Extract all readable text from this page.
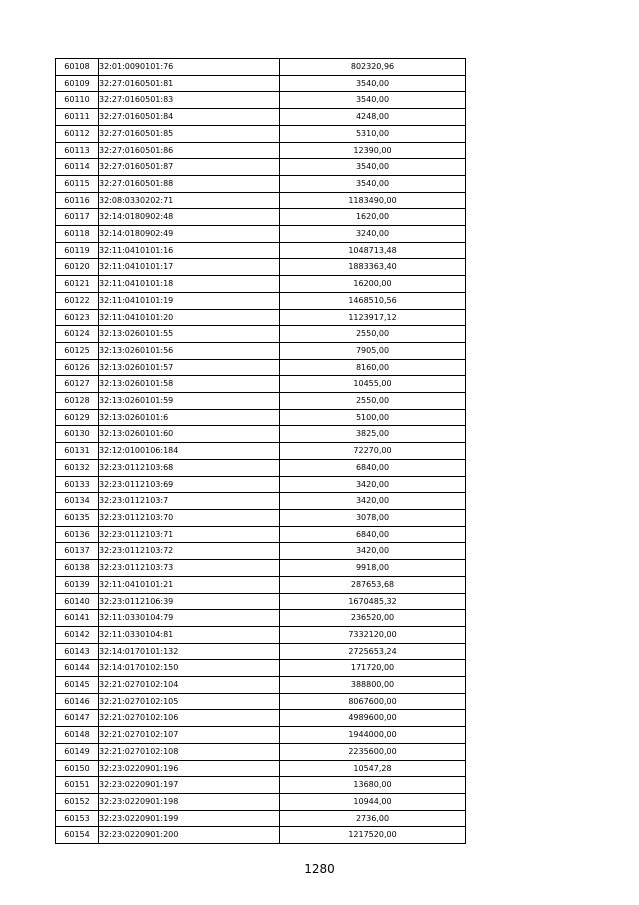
60108	32:01:0090101:76	802320,96
60109	32:27:0160501:81	3540,00
60110	32:27:0160501:83	3540,00
60111	32:27:0160501:84	4248,00
60112	32:27:0160501:85	5310,00
60113	32:27:0160501:86	12390,00
60114	32:27:0160501:87	3540,00
60115	32:27:0160501:88	3540,00
60116	32:08:0330202:71	1183490,00
60117	32:14:0180902:48	1620,00
60118	32:14:0180902:49	3240,00
60119	32:11:0410101:16	1048713,48
60120	32:11:0410101:17	1883363,40
60121	32:11:0410101:18	16200,00
60122	32:11:0410101:19	1468510,56
60123	32:11:0410101:20	1123917,12
60124	32:13:0260101:55	2550,00
60125	32:13:0260101:56	7905,00
60126	32:13:0260101:57	8160,00
60127	32:13:0260101:58	10455,00
60128	32:13:0260101:59	2550,00
60129	32:13:0260101:6	5100,00
60130	32:13:0260101:60	3825,00
60131	32:12:0100106:184	72270,00
60132	32:23:0112103:68	6840,00
60133	32:23:0112103:69	3420,00
60134	32:23:0112103:7	3420,00
60135	32:23:0112103:70	3078,00
60136	32:23:0112103:71	6840,00
60137	32:23:0112103:72	3420,00
60138	32:23:0112103:73	9918,00
60139	32:11:0410101:21	287653,68
60140	32:23:0112106:39	1670485,32
60141	32:11:0330104:79	236520,00
60142	32:11:0330104:81	7332120,00
60143	32:14:0170101:132	2725653,24
60144	32:14:0170102:150	171720,00
60145	32:21:0270102:104	388800,00
60146	32:21:0270102:105	8067600,00
60147	32:21:0270102:106	4989600,00
60148	32:21:0270102:107	1944000,00
60149	32:21:0270102:108	2235600,00
60150	32:23:0220901:196	10547,28
60151	32:23:0220901:197	13680,00
60152	32:23:0220901:198	10944,00
60153	32:23:0220901:199	2736,00
60154	32:23:0220901:200	1217520,00
1280
